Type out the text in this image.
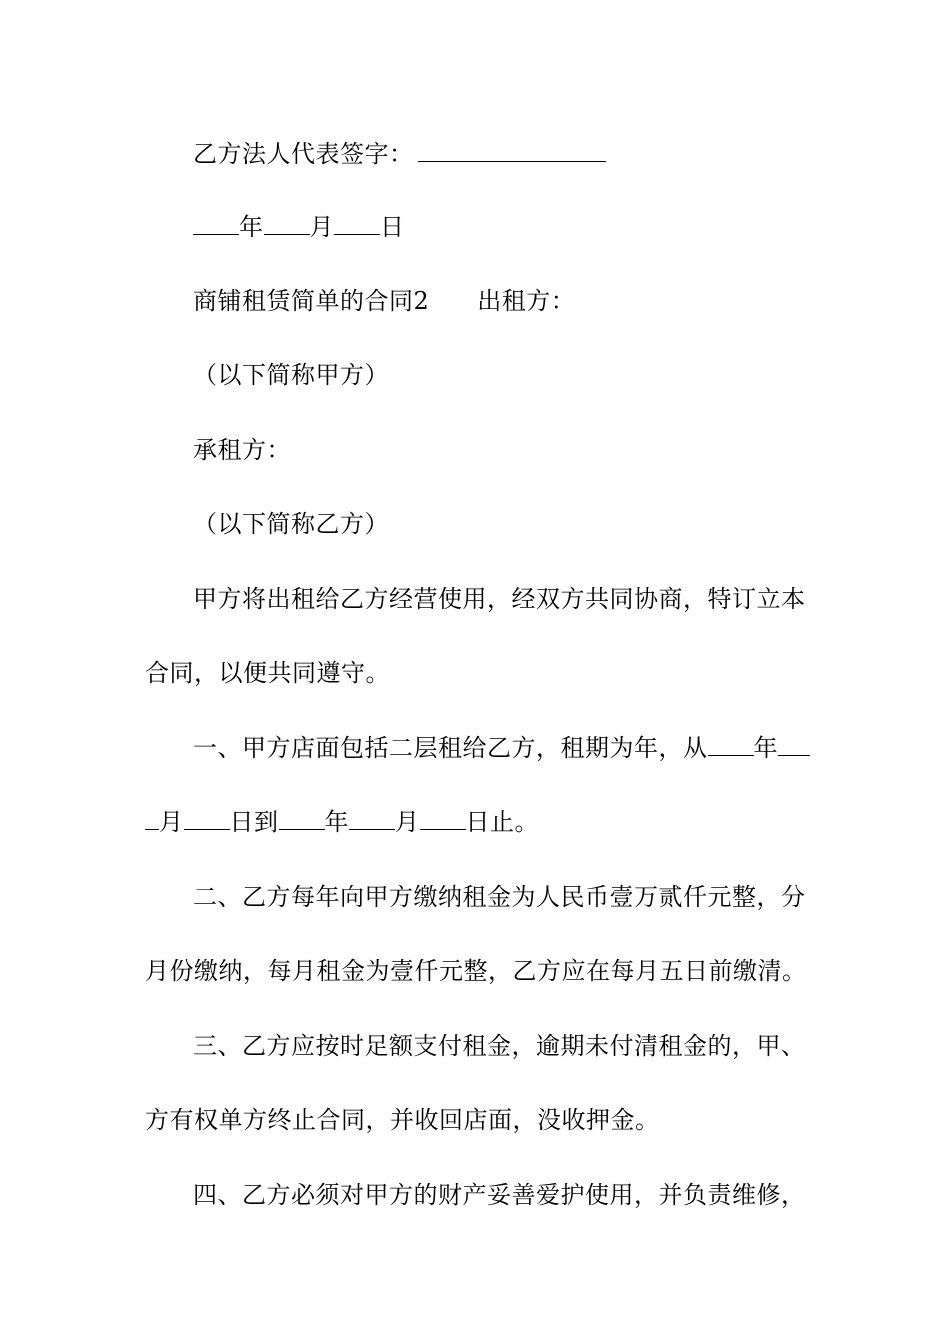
乙方法人代表签字：
年 月 日
商铺租赁简单的合同2 出租方：
（以下简称甲方）
承租方：
（以下简称乙方）
甲方将出租给乙方经营使用，经双方共同协商，特订立本
合同，以便共同遵守。
一、甲方店面包括二层租给乙方，租期为年，从 年
月 日到 年 月 日止。
二、乙方每年向甲方缴纳租金为人民币壹万贰仟元整，分
月份缴纳，每月租金为壹仟元整，乙方应在每月五日前缴清。
三、乙方应按时足额支付租金，逾期未付清租金的，甲、
方有权单方终止合同，并收回店面，没收押金。
四、乙方必须对甲方的财产妥善爱护使用，并负责维修，
